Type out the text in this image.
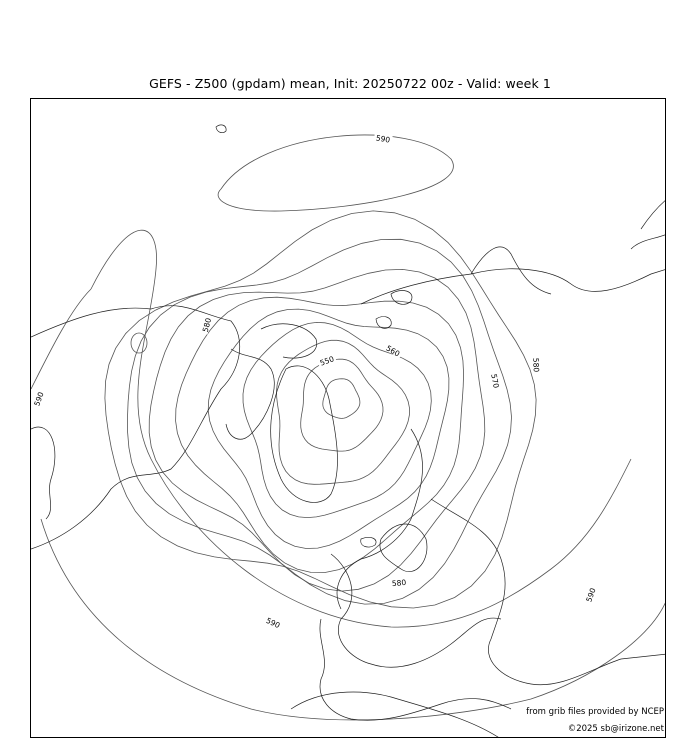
GEFS - Z500 (gpdam) mean, Init: 20250722 00z - Valid: week 1
550
560
570
580
580
580
590
590
590
590
from grib files provided by NCEP
©2025 sb@irizone.net
